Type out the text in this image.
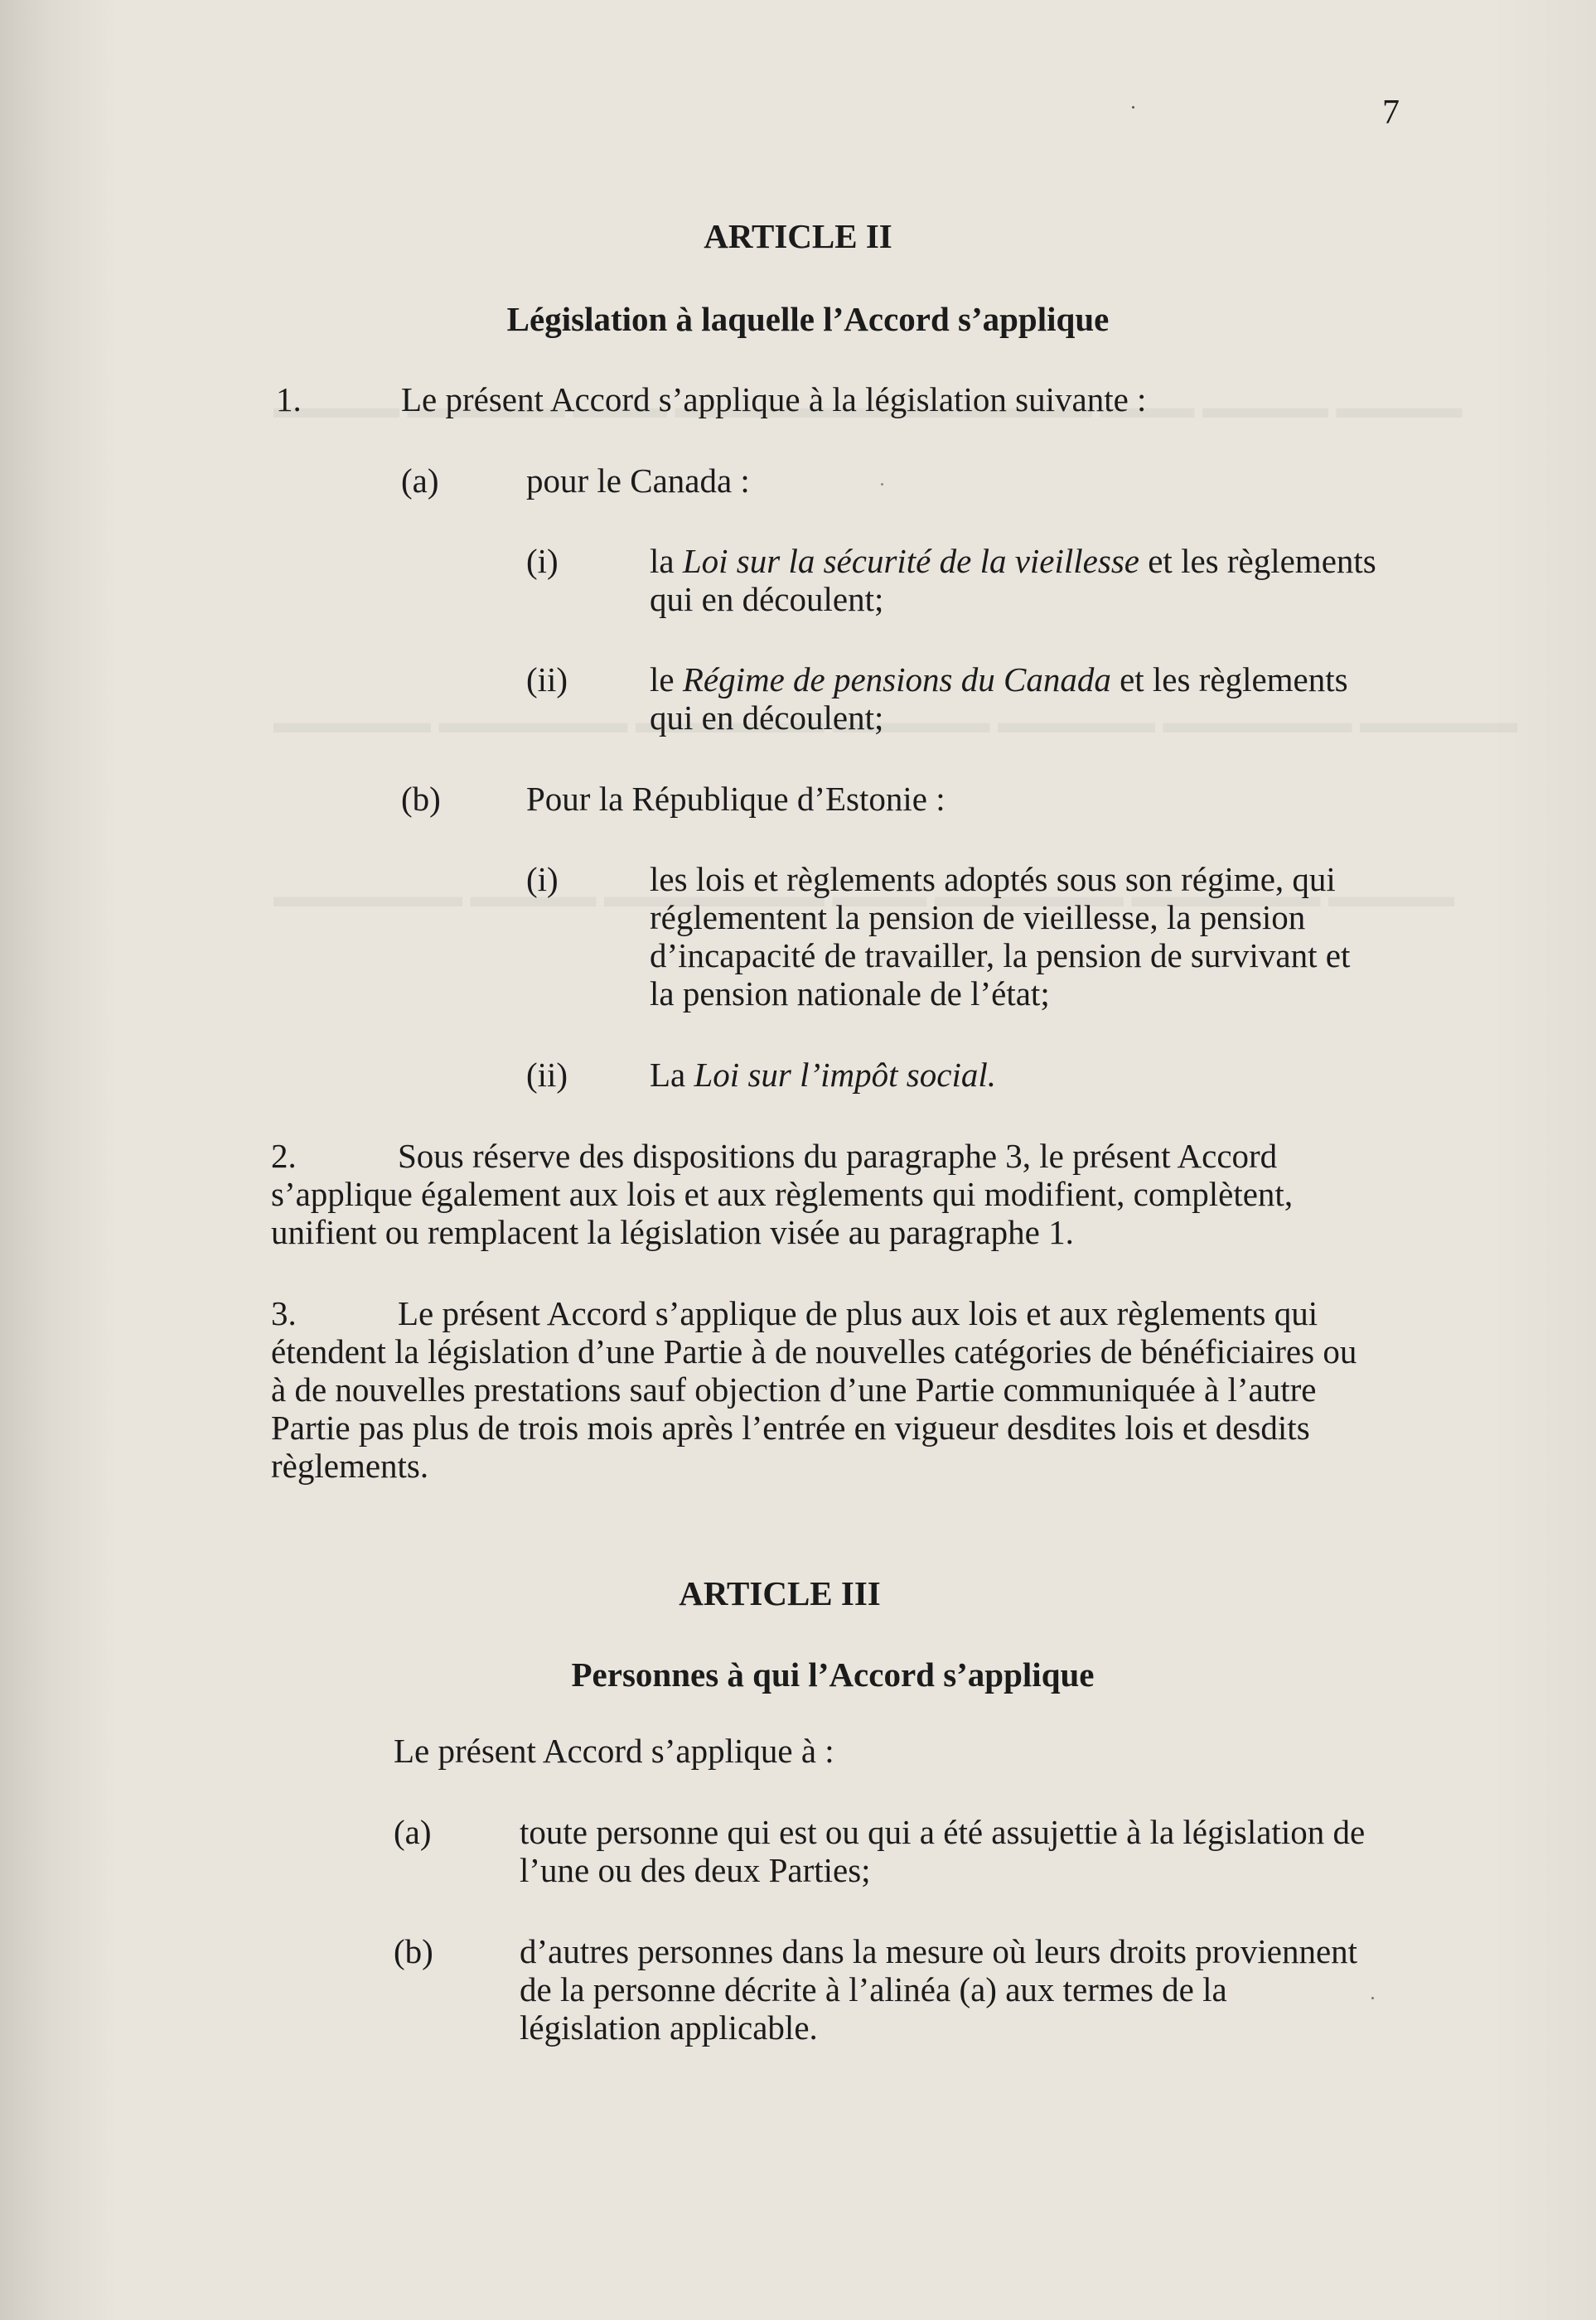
7
ARTICLE II
Législation à laquelle l’Accord s’applique
1.	Le présent Accord s’applique à la législation suivante :
(a)	pour le Canada :
(i)	la Loi sur la sécurité de la vieillesse et les règlements
qui en découlent;
(ii) le Régime de pensions du Canada et les règlements
qui en découlent;
(b)	Pour la République d’Estonie :
(i)	les lois et règlements adoptés sous son régime, qui
réglementent la pension de vieillesse, la pension
d’incapacité de travailler, la pension de survivant et
la pension nationale de l’état;
(ii) La Loi sur l’impôt social.
2.	Sous réserve des dispositions du paragraphe 3, le présent Accord
s’applique également aux lois et aux règlements qui modifient, complètent,
unifient ou remplacent la législation visée au paragraphe 1.
3.	Le présent Accord s’applique de plus aux lois et aux règlements qui
étendent la législation d’une Partie à de nouvelles catégories de bénéficiaires ou
à de nouvelles prestations sauf objection d’une Partie communiquée à l’autre
Partie pas plus de trois mois après l’entrée en vigueur desdites lois et desdits
règlements.
ARTICLE III
Personnes à qui l’Accord s’applique
Le présent Accord s’applique à :
(a)	toute personne qui est ou qui a été assujettie à la législation de
l’une ou des deux Parties;
(b)	d’autres personnes dans la mesure où leurs droits proviennent
de la personne décrite à l’alinéa (a) aux termes de la
législation applicable.
